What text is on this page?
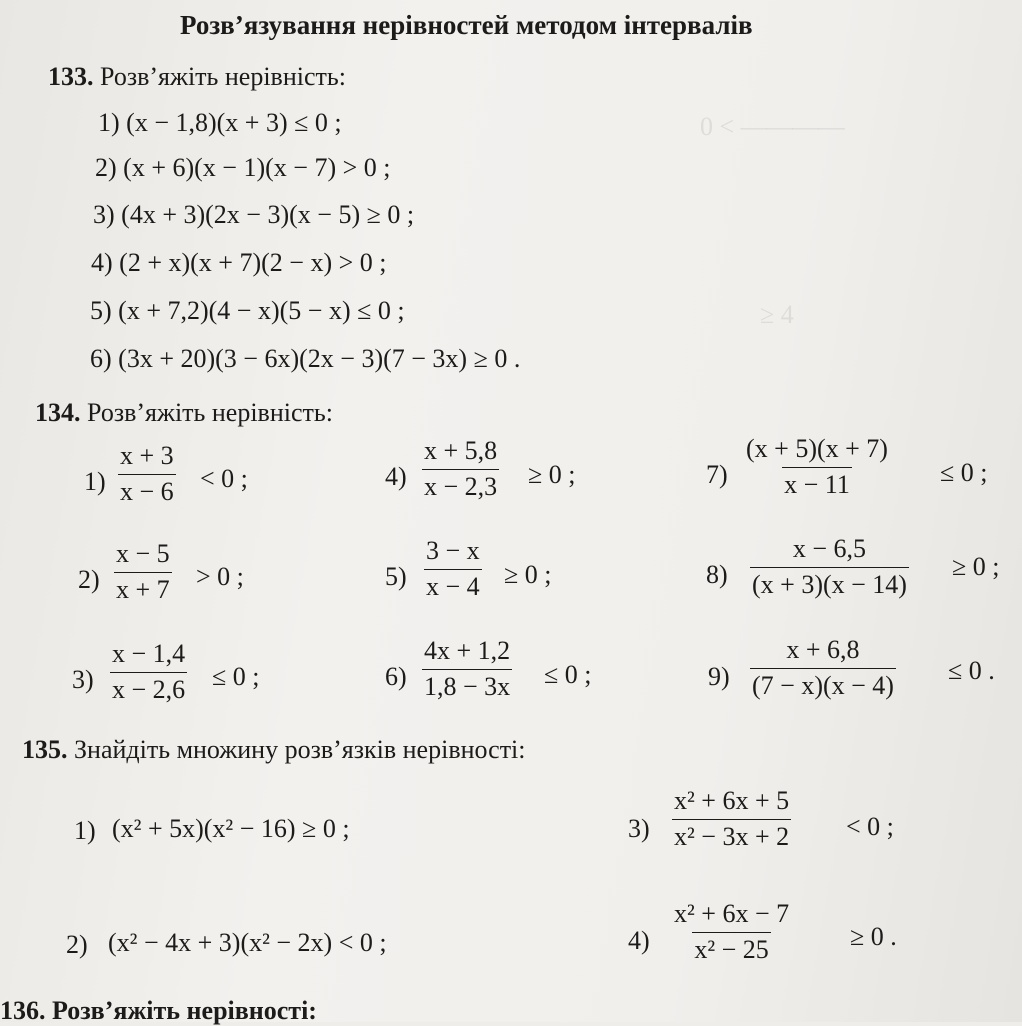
0 < ————
≥ 4
Розв’язування нерівностей методом інтервалів
133. Розв’яжіть нерівність:
1) (x − 1,8)(x + 3) ≤ 0 ;
2) (x + 6)(x − 1)(x − 7) > 0 ;
3) (4x + 3)(2x − 3)(x − 5) ≥ 0 ;
4) (2 + x)(x + 7)(2 − x) > 0 ;
5) (x + 7,2)(4 − x)(5 − x) ≤ 0 ;
6) (3x + 20)(3 − 6x)(2x − 3)(7 − 3x) ≥ 0 .
134. Розв’яжіть нерівність:
$1) \frac{x + 3}{x - 6} < 0$ ;
$2) \frac{x - 5}{x + 7} > 0$ ;
$3) \frac{x - 1,4}{x - 2,6} \le 0$ ;
$4) \frac{x + 5,8}{x - 2,3} \ge 0$ ;
$5) \frac{3 - x}{x - 4} \ge 0$ ;
$6) \frac{4x + 1,2}{1,8 - 3x} \le 0$ ;
$7) \frac{(x + 5)(x + 7)}{x - 11} \le 0$ ;
$8) \frac{x - 6,5}{(x + 3)(x - 14)} \ge 0$ ;
$9) \frac{x + 6,8}{(7 - x)(x - 4)} \le 0$ .
135. Знайдіть множину розв’язків нерівності:
1) (x² + 5x)(x² − 16) ≥ 0 ;
2) (x² − 4x + 3)(x² − 2x) < 0 ;
$3) \frac{\text{x² + 6x + 5}}{\text{x² − 3x + 2}} < 0$ ;
$4) \frac{\text{x² + 6x − 7}}{\text{x² − 25}} \ge 0$ .
136. Розв’яжіть нерівності:
